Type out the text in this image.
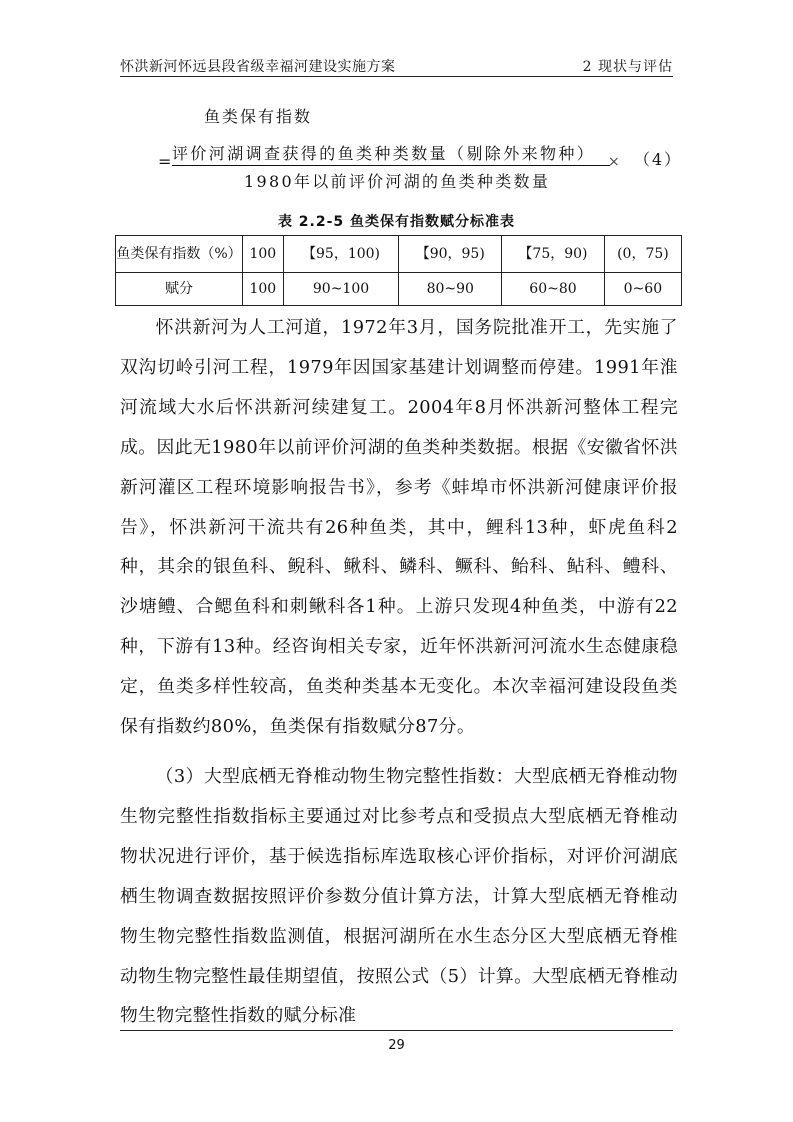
怀洪新河怀远县段省级幸福河建设实施方案	2 现状与评估
鱼类保有指数
= 评价河湖调查获得的鱼类种类数量（剔除外来物种）
1980年以前评价河湖的鱼类种类数量
× （4）
表 2.2-5 鱼类保有指数赋分标准表
鱼类保有指数（%）	100	【95，100)	【90，95)	【75，90)	(0，75)
赋分	100	90~100	80~90	60~80	0~60

怀洪新河为人工河道，1972年3月，国务院批准开工，先实施了双沟切岭引河工程，1979年因国家基建计划调整而停建。1991年淮河流域大水后怀洪新河续建复工。2004年8月怀洪新河整体工程完成。因此无1980年以前评价河湖的鱼类种类数据。根据《安徽省怀洪新河灌区工程环境影响报告书》，参考《蚌埠市怀洪新河健康评价报告》，怀洪新河干流共有26种鱼类，其中，鲤科13种，虾虎鱼科2种，其余的银鱼科、鲵科、鳅科、鳞科、鳜科、鲐科、鲇科、鳢科、沙塘鳢、合鳃鱼科和刺鳅科各1种。上游只发现4种鱼类，中游有22种，下游有13种。经咨询相关专家，近年怀洪新河河流水生态健康稳定，鱼类多样性较高，鱼类种类基本无变化。本次幸福河建设段鱼类保有指数约80%，鱼类保有指数赋分87分。

（3）大型底栖无脊椎动物生物完整性指数：大型底栖无脊椎动物生物完整性指数指标主要通过对比参考点和受损点大型底栖无脊椎动物状况进行评价，基于候选指标库选取核心评价指标，对评价河湖底栖生物调查数据按照评价参数分值计算方法，计算大型底栖无脊椎动物生物完整性指数监测值，根据河湖所在水生态分区大型底栖无脊椎动物生物完整性最佳期望值，按照公式（5）计算。大型底栖无脊椎动物生物完整性指数的赋分标准

29
